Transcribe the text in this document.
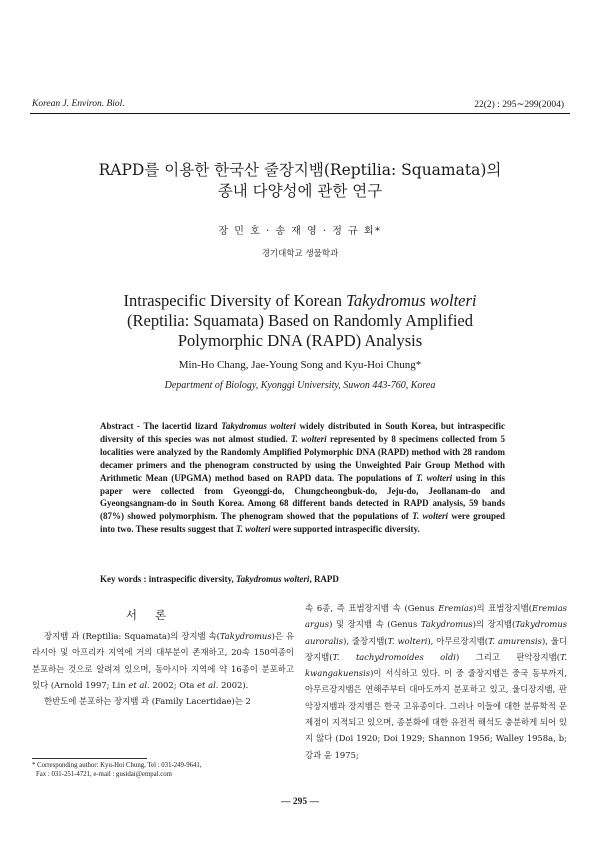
Korean J. Environ. Biol.	22(2) : 295∼299(2004)
RAPD를 이용한 한국산 줄장지뱀(Reptilia: Squamata)의
종내 다양성에 관한 연구
장 민 호 · 송 재 영 · 정 규 회*
경기대학교 생물학과
Intraspecific Diversity of Korean Takydromus wolteri
(Reptilia: Squamata) Based on Randomly Amplified
Polymorphic DNA (RAPD) Analysis
Min-Ho Chang, Jae-Young Song and Kyu-Hoi Chung*
Department of Biology, Kyonggi University, Suwon 443-760, Korea
Abstract - The lacertid lizard Takydromus wolteri widely distributed in South Korea, but intraspecific diversity of this species was not almost studied. T. wolteri represented by 8 specimens collected from 5 localities were analyzed by the Randomly Amplified Polymorphic DNA (RAPD) method with 28 random decamer primers and the phenogram constructed by using the Unweighted Pair Group Method with Arithmetic Mean (UPGMA) method based on RAPD data. The populations of T. wolteri using in this paper were collected from Gyeonggi-do, Chungcheongbuk-do, Jeju-do, Jeollanam-do and Gyeongsangnam-do in South Korea. Among 68 different bands detected in RAPD analysis, 59 bands (87%) showed polymorphism. The phenogram showed that the populations of T. wolteri were grouped into two. These results suggest that T. wolteri were supported intraspecific diversity.
Key words : intraspecific diversity, Takydromus wolteri, RAPD
서론
장지뱀 과 (Reptilia: Squamata)의 장지뱀 속(Takydromus)은 유라시아 및 아프리카 지역에 거의 대부분이 존재하고, 20속 150여종이 분포하는 것으로 알려져 있으며, 동아시아 지역에 약 16종이 분포하고 있다 (Arnold 1997; Lin et al. 2002; Ota et al. 2002).
한반도에 분포하는 장지뱀 과 (Family Lacertidae)는 2
속 6종, 즉 표범장지뱀 속 (Genus Eremias)의 표범장지뱀(Eremias argus) 및 장지뱀 속 (Genus Takydromus)의 장지뱀(Takydromus auroralis), 줄장지뱀(T. wolteri), 아무르장지뱀(T. amurensis), 울디장지뱀(T. tachydromoides oldi) 그리고 판악장지뱀(T. kwangakuensis)이 서식하고 있다. 이 중 줄장지뱀은 중국 동부까지, 아무르장지뱀은 연해주부터 대마도까지 분포하고 있고, 울디장지뱀, 판악장지뱀과 장지뱀은 한국 고유종이다. 그러나 이들에 대한 분류학적 문제점이 지적되고 있으며, 종분화에 대한 유전적 해석도 충분하게 되어 있지 않다 (Doi 1920; Doi 1929; Shannon 1956; Walley 1958a, b; 강과 윤 1975;
* Corresponding author: Kyu-Hoi Chung, Tel : 031-249-9641,
Fax : 031-251-4721, e-mail : gusidai@empal.com
— 295 —
